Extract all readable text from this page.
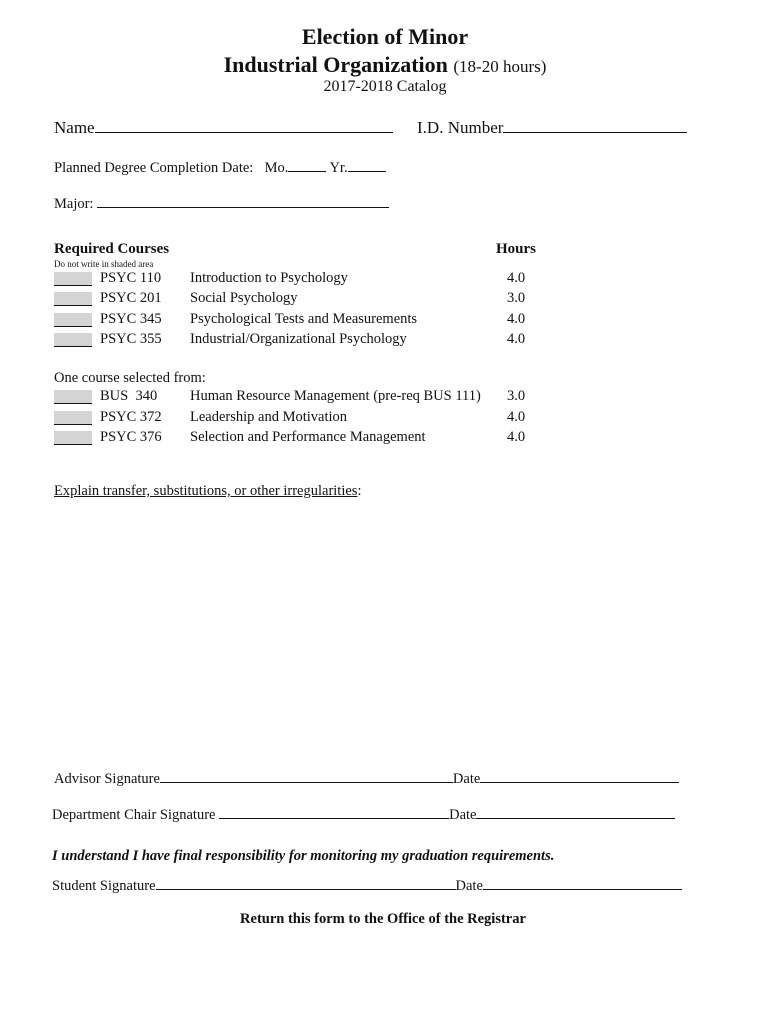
Election of Minor
Industrial Organization (18-20 hours)
2017-2018 Catalog
Name	I.D. Number
Planned Degree Completion Date: Mo.	Yr.
Major:
Required Courses
Do not write in shaded area
Hours
PSYC 110 Introduction to Psychology	4.0
PSYC 201 Social Psychology	3.0
PSYC 345 Psychological Tests and Measurements	4.0
PSYC 355 Industrial/Organizational Psychology	4.0
One course selected from:
BUS  340 Human Resource Management (pre-req BUS 111) 3.0
PSYC 372 Leadership and Motivation	4.0
PSYC 376 Selection and Performance Management	4.0
Explain transfer, substitutions, or other irregularities:
Advisor Signature	Date
Department Chair Signature	Date
I understand I have final responsibility for monitoring my graduation requirements.
Student Signature	Date
Return this form to the Office of the Registrar
